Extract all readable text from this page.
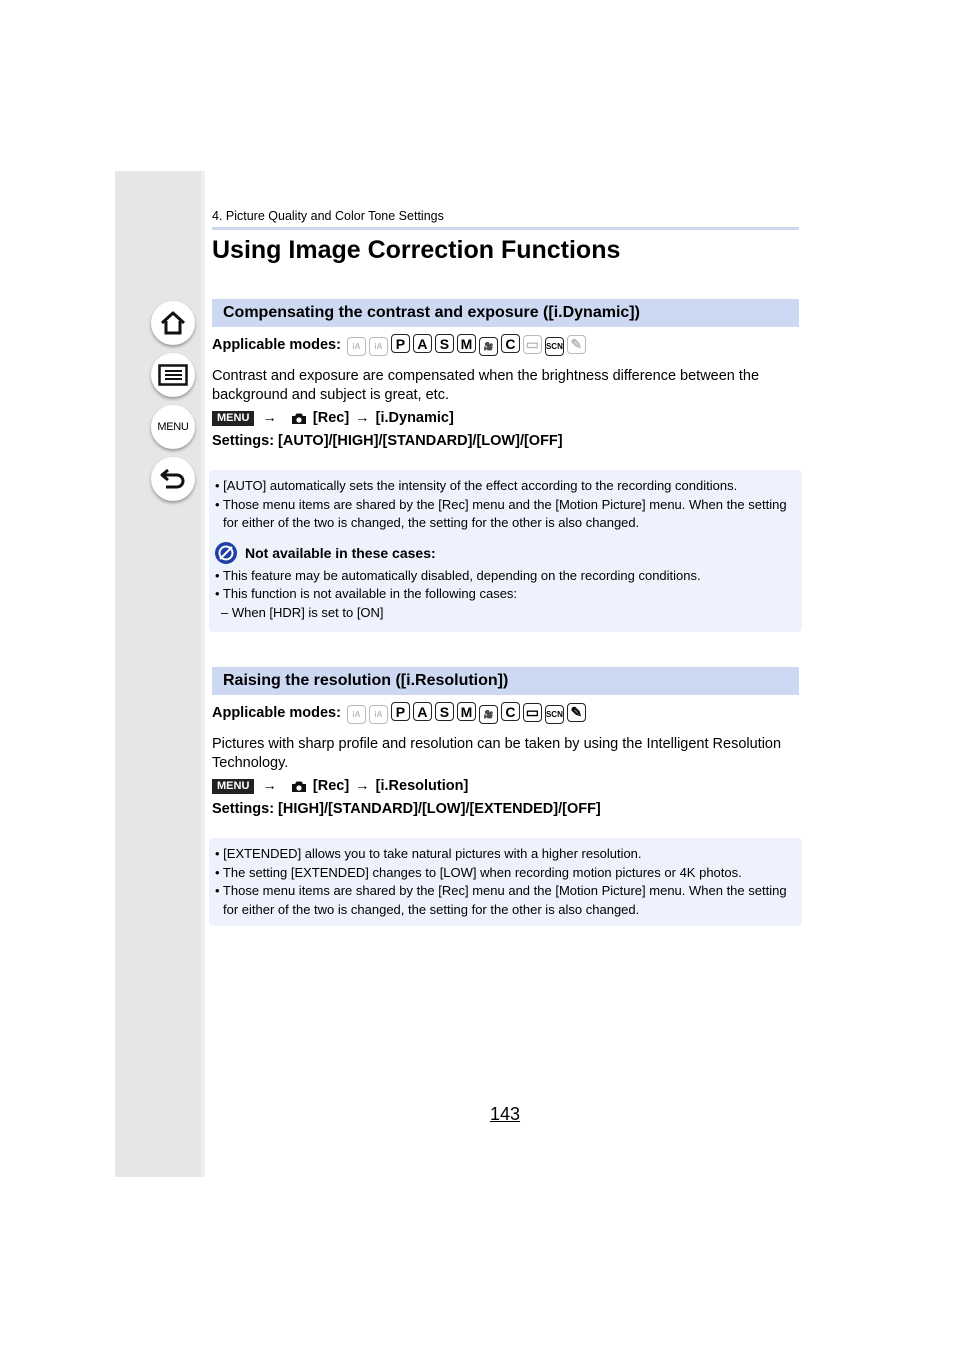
MENU
4. Picture Quality and Color Tone Settings
Using Image Correction Functions
Compensating the contrast and exposure ([i.Dynamic])
Applicable modes:	iA iA P A S M 🎥 C ▭ SCN ✎
Contrast and exposure are compensated when the brightness difference between the background and subject is great, etc.
MENU → [Rec] → [i.Dynamic]
Settings: [AUTO]/[HIGH]/[STANDARD]/[LOW]/[OFF]

• [AUTO] automatically sets the intensity of the effect according to the recording conditions.

• Those menu items are shared by the [Rec] menu and the [Motion Picture] menu. When the setting for either of the two is changed, the setting for the other is also changed.

Not available in these cases:

• This feature may be automatically disabled, depending on the recording conditions.

• This function is not available in the following cases:

– When [HDR] is set to [ON]

Raising the resolution ([i.Resolution])
Applicable modes:	iA iA P A S M 🎥 C ▭ SCN ✎
Pictures with sharp profile and resolution can be taken by using the Intelligent Resolution Technology.
MENU → [Rec] → [i.Resolution]
Settings: [HIGH]/[STANDARD]/[LOW]/[EXTENDED]/[OFF]

• [EXTENDED] allows you to take natural pictures with a higher resolution.

• The setting [EXTENDED] changes to [LOW] when recording motion pictures or 4K photos.

• Those menu items are shared by the [Rec] menu and the [Motion Picture] menu. When the setting for either of the two is changed, the setting for the other is also changed.

143
